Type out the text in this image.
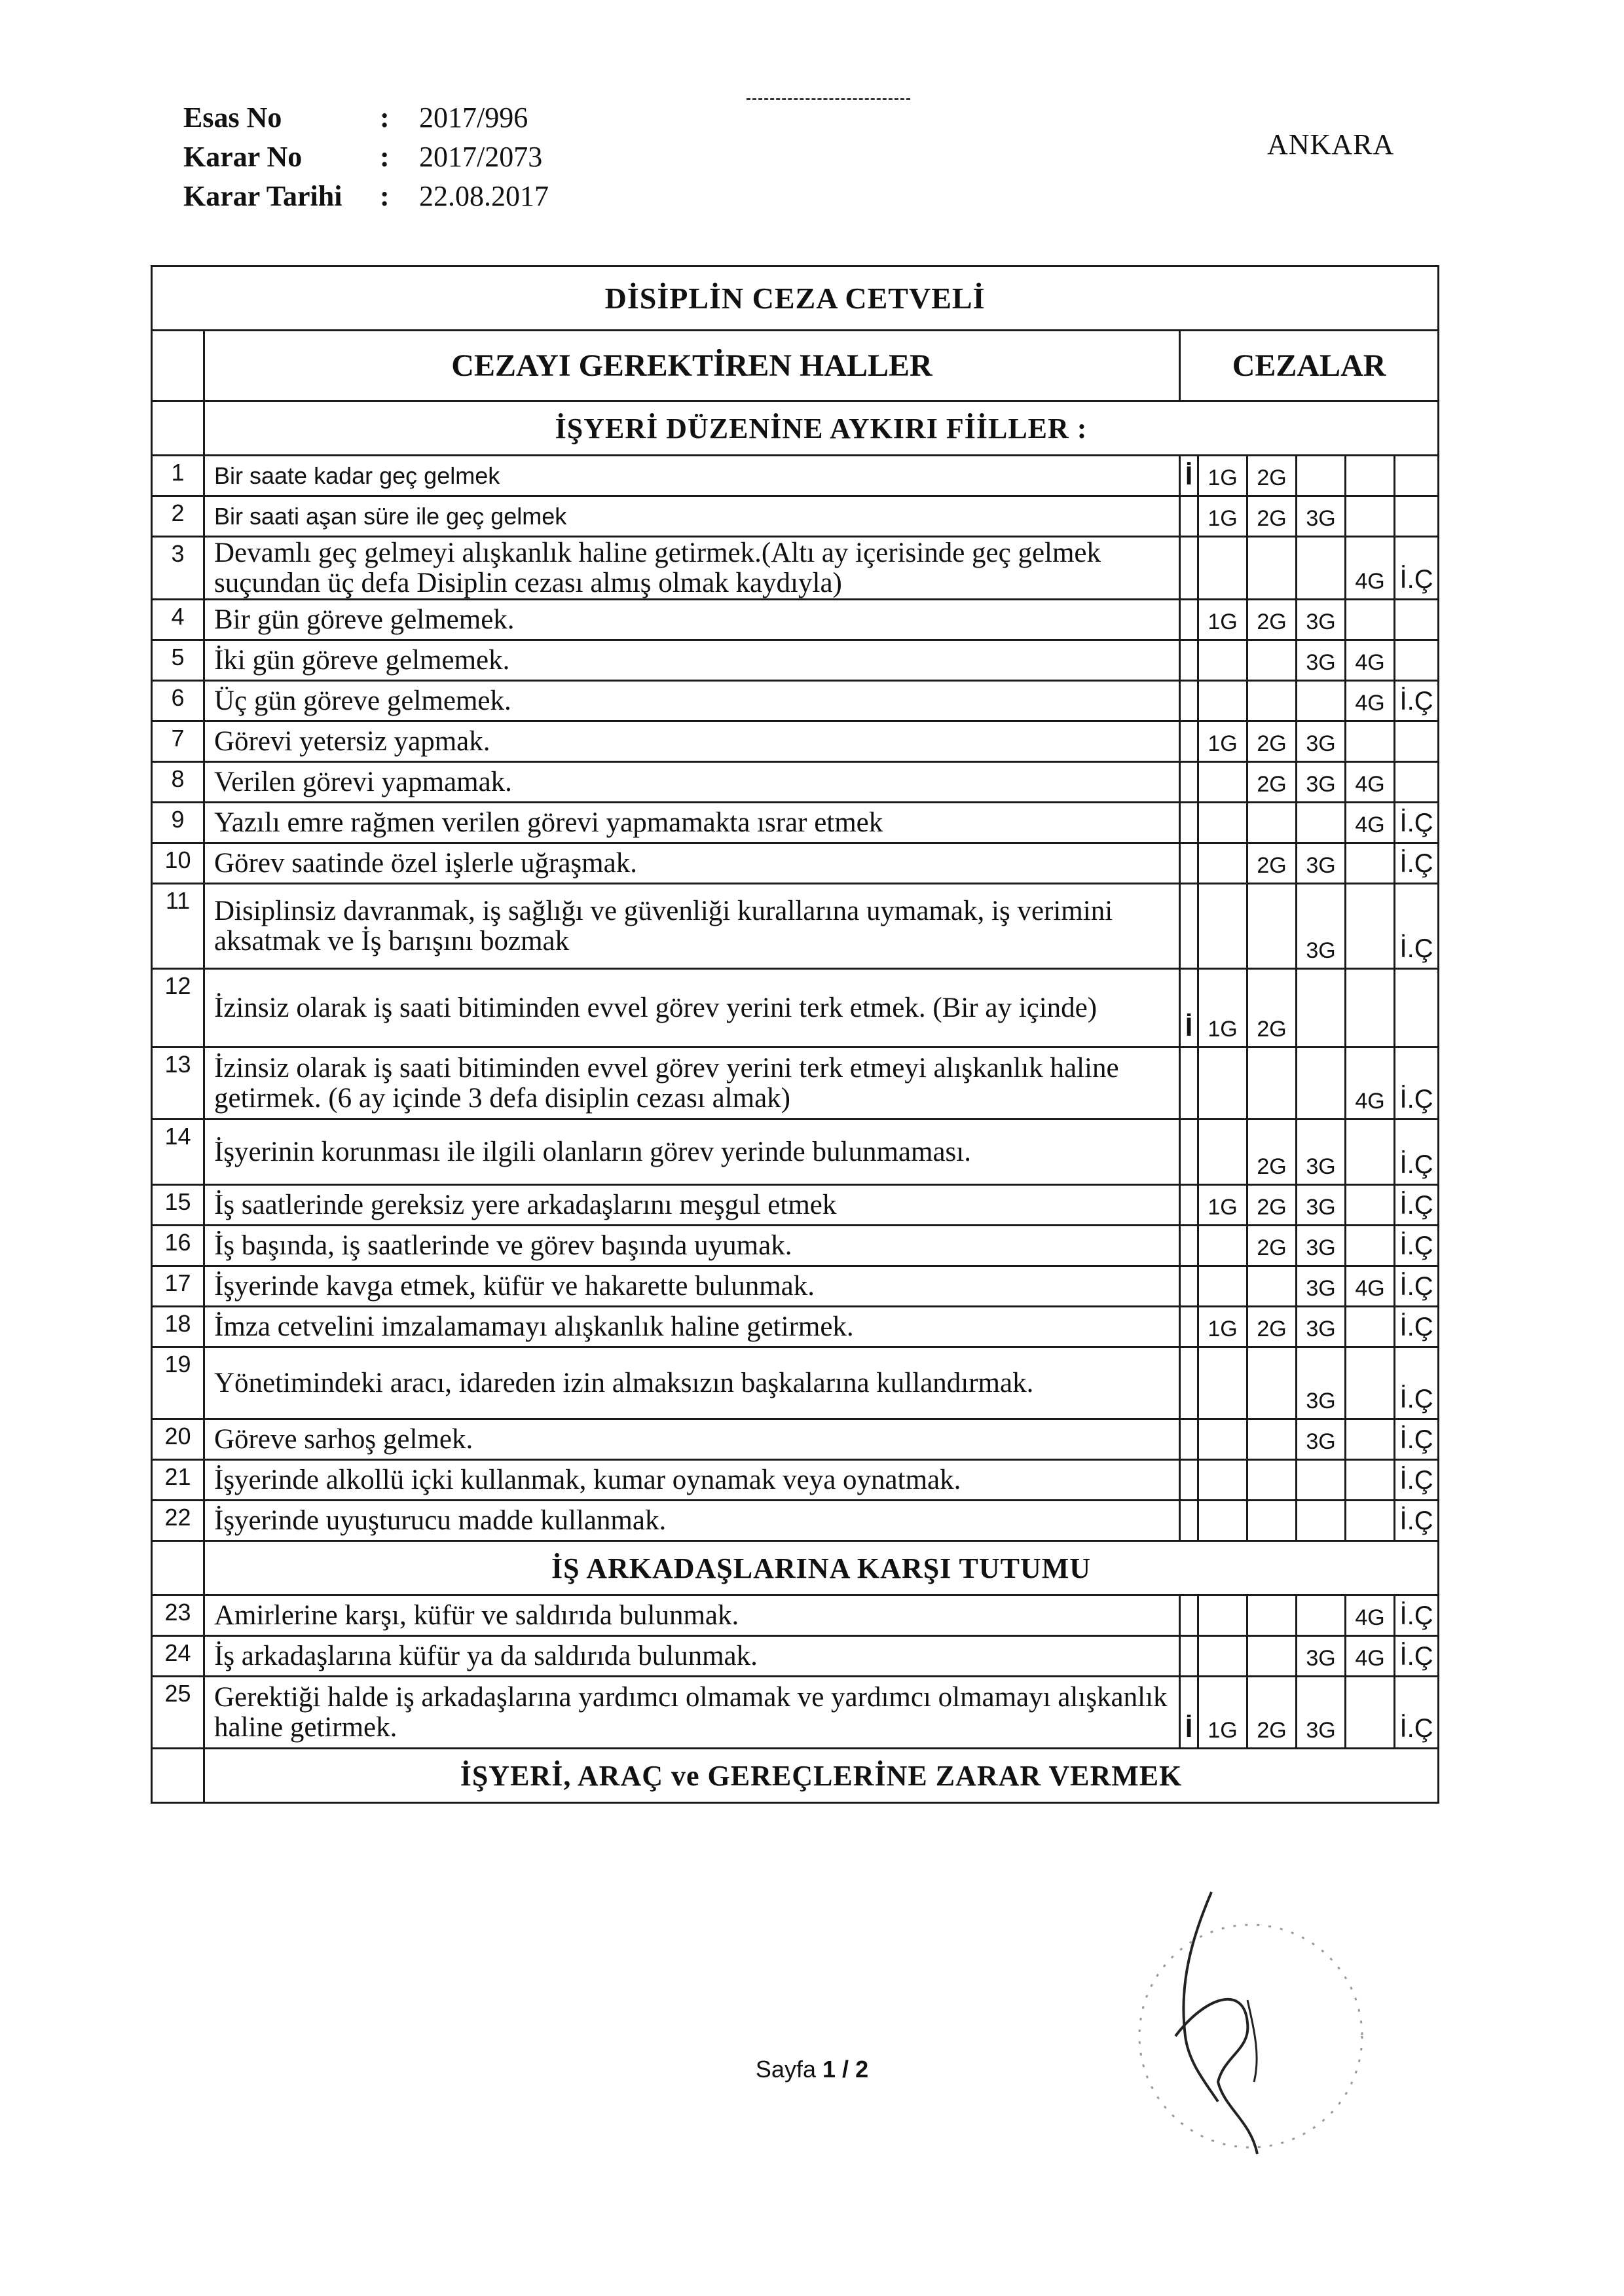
Esas No	:	2017/996
Karar No	:	2017/2073
Karar Tarihi	:	22.08.2017
ANKARA
DİSİPLİN CEZA CETVELİ							
	CEZAYI GEREKTİREN HALLER	CEZALAR					
	İŞYERİ DÜZENİNE AYKIRI FİİLLER :						
1	Bir saate kadar geç gelmek	İ	1G	2G			
2	Bir saati aşan süre ile geç gelmek		1G	2G	3G		
3	Devamlı geç gelmeyi alışkanlık haline getirmek.(Altı ay içerisinde geç gelmek suçundan üç defa Disiplin cezası almış olmak kaydıyla)					4G	İ.Ç
4	Bir gün göreve gelmemek.		1G	2G	3G		
5	İki gün göreve gelmemek.				3G	4G	
6	Üç gün göreve gelmemek.					4G	İ.Ç
7	Görevi yetersiz yapmak.		1G	2G	3G		
8	Verilen görevi yapmamak.			2G	3G	4G	
9	Yazılı emre rağmen verilen görevi yapmamakta ısrar etmek					4G	İ.Ç
10	Görev saatinde özel işlerle uğraşmak.			2G	3G		İ.Ç
11	Disiplinsiz davranmak, iş sağlığı ve güvenliği kurallarına uymamak, iş verimini aksatmak ve İş barışını bozmak				3G		İ.Ç
12	İzinsiz olarak iş saati bitiminden evvel görev yerini terk etmek. (Bir ay içinde)	İ	1G	2G			
13	İzinsiz olarak iş saati bitiminden evvel görev yerini terk etmeyi alışkanlık haline getirmek. (6 ay içinde 3 defa disiplin cezası almak)					4G	İ.Ç
14	İşyerinin korunması ile ilgili olanların görev yerinde bulunmaması.			2G	3G		İ.Ç
15	İş saatlerinde gereksiz yere arkadaşlarını meşgul etmek		1G	2G	3G		İ.Ç
16	İş başında, iş saatlerinde ve görev başında uyumak.			2G	3G		İ.Ç
17	İşyerinde kavga etmek, küfür ve hakarette bulunmak.				3G	4G	İ.Ç
18	İmza cetvelini imzalamamayı alışkanlık haline getirmek.		1G	2G	3G		İ.Ç
19	Yönetimindeki aracı, idareden izin almaksızın başkalarına kullandırmak.				3G		İ.Ç
20	Göreve sarhoş gelmek.				3G		İ.Ç
21	İşyerinde alkollü içki kullanmak, kumar oynamak veya oynatmak.						İ.Ç
22	İşyerinde uyuşturucu madde kullanmak.						İ.Ç
	İŞ ARKADAŞLARINA KARŞI TUTUMU						
23	Amirlerine karşı, küfür ve saldırıda bulunmak.					4G	İ.Ç
24	İş arkadaşlarına küfür ya da saldırıda bulunmak.				3G	4G	İ.Ç
25	Gerektiği halde iş arkadaşlarına yardımcı olmamak ve yardımcı olmamayı alışkanlık haline getirmek.	İ	1G	2G	3G		İ.Ç
	İŞYERİ, ARAÇ ve GEREÇLERİNE ZARAR VERMEK						
Sayfa 1 / 2
